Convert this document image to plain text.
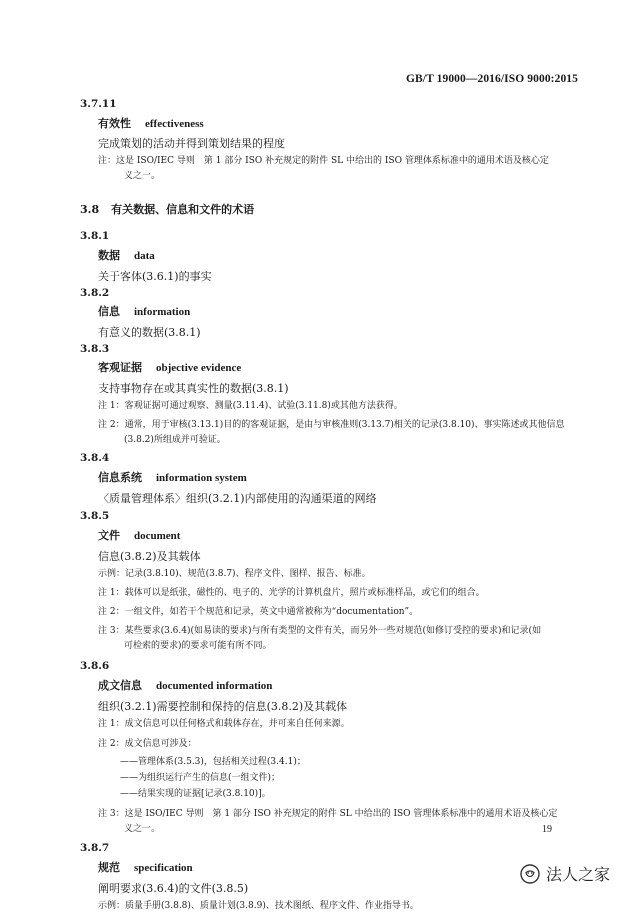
GB/T 19000—2016/ISO 9000:2015
3.7.11
有效性 effectiveness
完成策划的活动并得到策划结果的程度
注：这是 ISO/IEC 导则　第 1 部分 ISO 补充规定的附件 SL 中给出的 ISO 管理体系标准中的通用术语及核心定
义之一。
3.8 有关数据、信息和文件的术语
3.8.1
数据 data
关于客体(3.6.1)的事实
3.8.2
信息 information
有意义的数据(3.8.1)
3.8.3
客观证据 objective evidence
支持事物存在或其真实性的数据(3.8.1)
注 1：客观证据可通过观察、测量(3.11.4)、试验(3.11.8)或其他方法获得。
注 2：通常，用于审核(3.13.1)目的的客观证据，是由与审核准则(3.13.7)相关的记录(3.8.10)、事实陈述或其他信息
(3.8.2)所组成并可验证。
3.8.4
信息系统 information system
〈质量管理体系〉组织(3.2.1)内部使用的沟通渠道的网络
3.8.5
文件 document
信息(3.8.2)及其载体
示例：记录(3.8.10)、规范(3.8.7)、程序文件、图样、报告、标准。
注 1：载体可以是纸张，磁性的、电子的、光学的计算机盘片，照片或标准样品，或它们的组合。
注 2：一组文件，如若干个规范和记录，英文中通常被称为“documentation”。
注 3：某些要求(3.6.4)(如易读的要求)与所有类型的文件有关，而另外一些对规范(如修订受控的要求)和记录(如
可检索的要求)的要求可能有所不同。
3.8.6
成文信息 documented information
组织(3.2.1)需要控制和保持的信息(3.8.2)及其载体
注 1：成文信息可以任何格式和载体存在，并可来自任何来源。
注 2：成文信息可涉及：
——管理体系(3.5.3)，包括相关过程(3.4.1)；
——为组织运行产生的信息(一组文件)；
——结果实现的证据[记录(3.8.10)]。
注 3：这是 ISO/IEC 导则　第 1 部分 ISO 补充规定的附件 SL 中给出的 ISO 管理体系标准中的通用术语及核心定
义之一。
3.8.7
规范 specification
阐明要求(3.6.4)的文件(3.8.5)
示例：质量手册(3.8.8)、质量计划(3.8.9)、技术图纸、程序文件、作业指导书。
19
法人之家
